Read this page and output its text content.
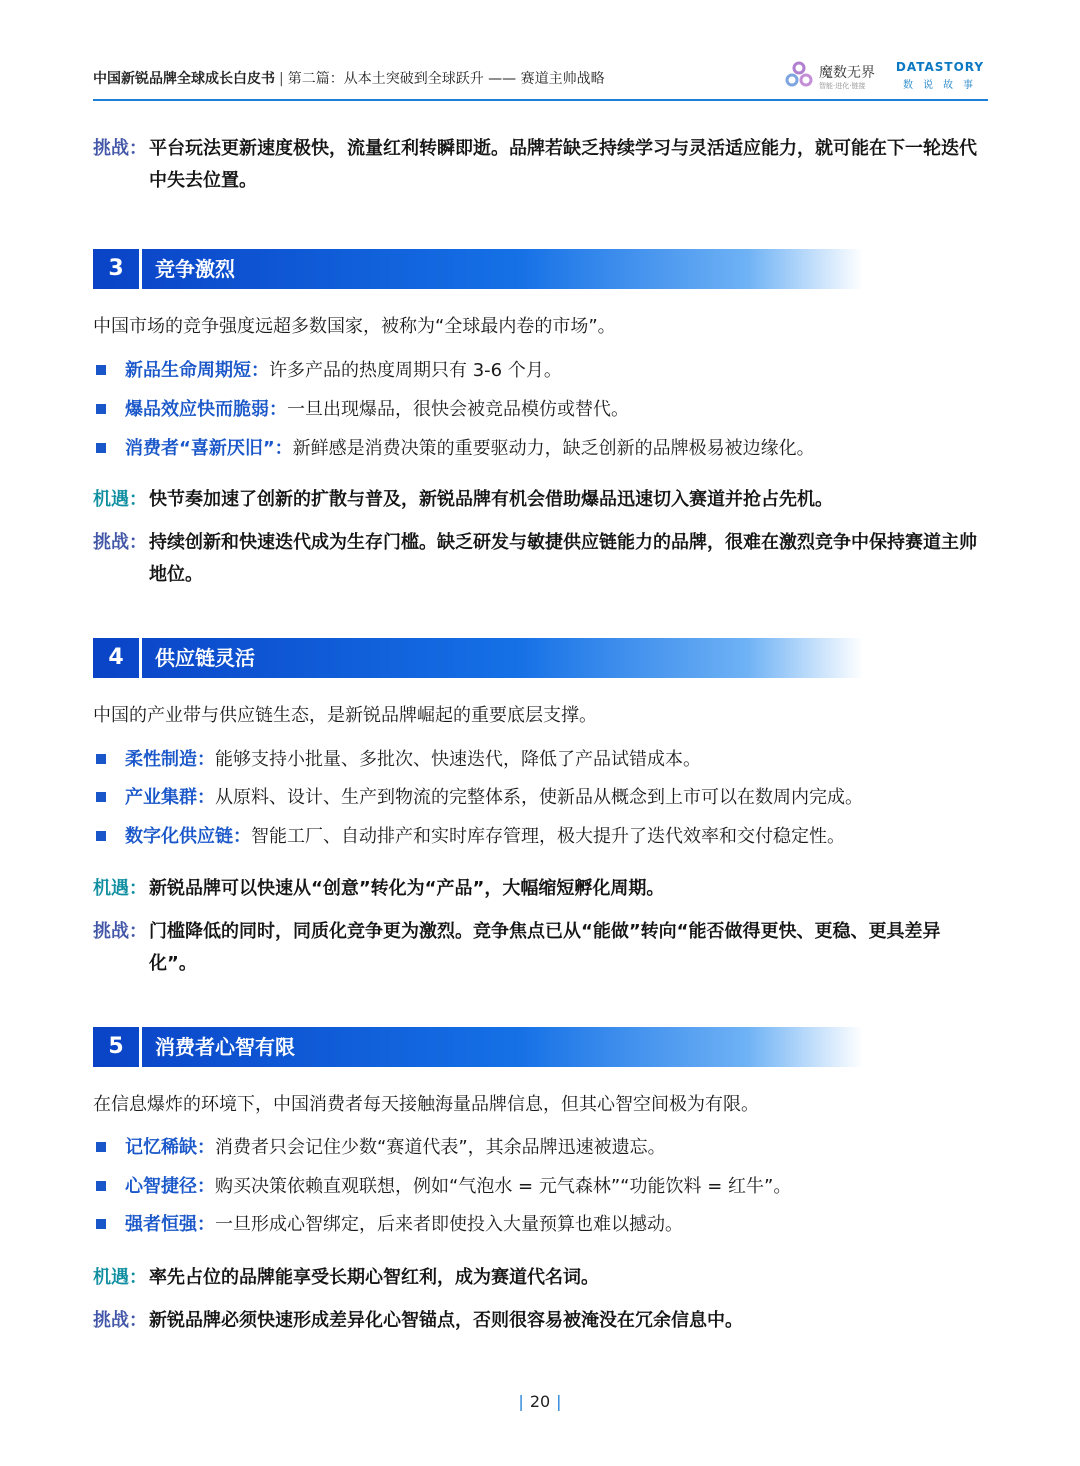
中国新锐品牌全球成长白皮书 | 第二篇：从本土突破到全球跃升 —— 赛道主帅战略	魔数无界
智能·进化·链接
DATASTORY
数说故事
挑战： 平台玩法更新速度极快，流量红利转瞬即逝。品牌若缺乏持续学习与灵活适应能力，就可能在下一轮迭代中失去位置。
3	竞争激烈
中国市场的竞争强度远超多数国家，被称为“全球最内卷的市场”。
新品生命周期短：许多产品的热度周期只有 3-6 个月。
爆品效应快而脆弱：一旦出现爆品，很快会被竞品模仿或替代。
消费者“喜新厌旧”：新鲜感是消费决策的重要驱动力，缺乏创新的品牌极易被边缘化。
机遇： 快节奏加速了创新的扩散与普及，新锐品牌有机会借助爆品迅速切入赛道并抢占先机。
挑战： 持续创新和快速迭代成为生存门槛。缺乏研发与敏捷供应链能力的品牌，很难在激烈竞争中保持赛道主帅地位。
4	供应链灵活
中国的产业带与供应链生态，是新锐品牌崛起的重要底层支撑。
柔性制造：能够支持小批量、多批次、快速迭代，降低了产品试错成本。
产业集群：从原料、设计、生产到物流的完整体系，使新品从概念到上市可以在数周内完成。
数字化供应链：智能工厂、自动排产和实时库存管理，极大提升了迭代效率和交付稳定性。
机遇： 新锐品牌可以快速从“创意”转化为“产品”，大幅缩短孵化周期。
挑战： 门槛降低的同时，同质化竞争更为激烈。竞争焦点已从“能做”转向“能否做得更快、更稳、更具差异化”。
5	消费者心智有限
在信息爆炸的环境下，中国消费者每天接触海量品牌信息，但其心智空间极为有限。
记忆稀缺：消费者只会记住少数“赛道代表”，其余品牌迅速被遗忘。
心智捷径：购买决策依赖直观联想，例如“气泡水 = 元气森林”“功能饮料 = 红牛”。
强者恒强：一旦形成心智绑定，后来者即使投入大量预算也难以撼动。
机遇： 率先占位的品牌能享受长期心智红利，成为赛道代名词。
挑战： 新锐品牌必须快速形成差异化心智锚点，否则很容易被淹没在冗余信息中。
| 20 |
